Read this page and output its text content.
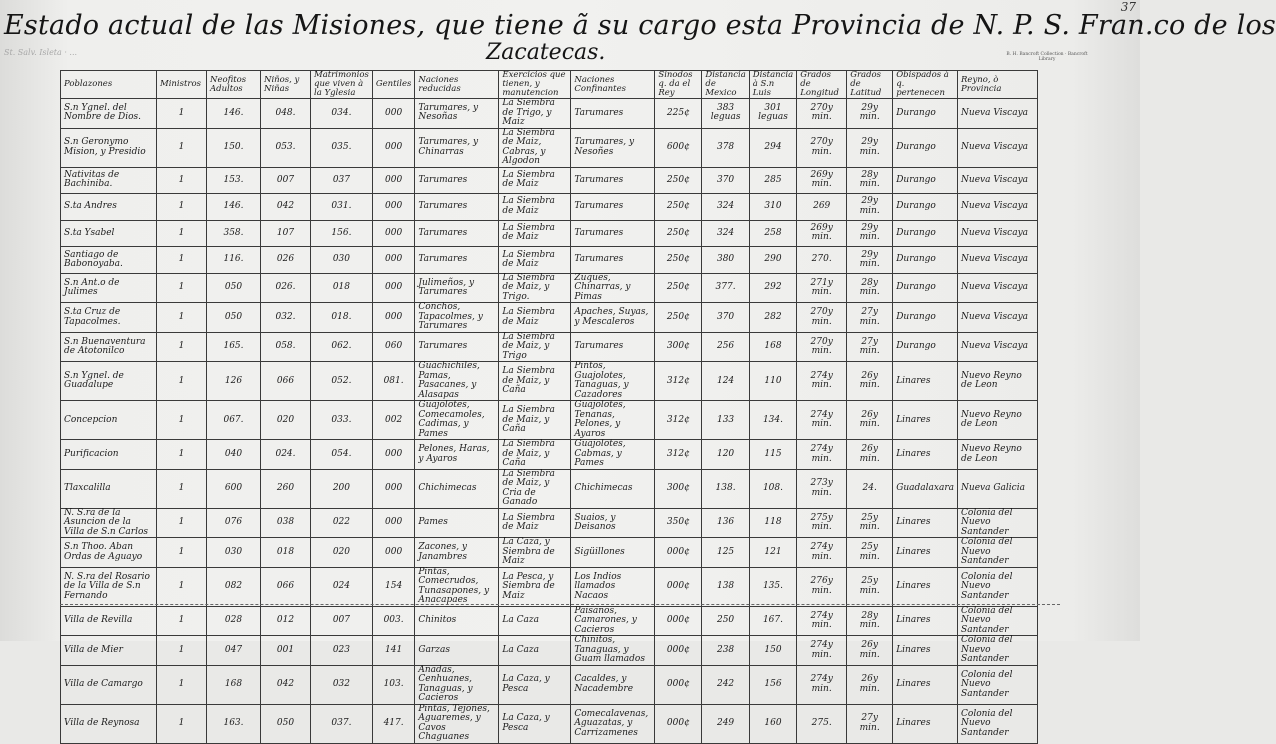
Estado actual de las Misiones, que tiene ã su cargo esta Provincia de N. P. S. Fran.co de los
Zacatecas.
37
B. H. Bancroft Collection · Bancroft Library
St. Salv. Isleta · ...
Poblazones	Ministros	Neofitos Adultos	Niños, y Niñas	Matrimonios que viven à la Yglesia	Gentiles	Naciones reducidas	Exercicios que tienen, y manutencion	Naciones Confinantes	Sinodos q. da el Rey	Distancia de Mexico	Distancia à S.n Luis	Grados de Longitud	Grados de Latitud	Obispados à q. pertenecen	Reyno, ò Provincia
S.n Ygnel. del Nombre de Dios.	1	146.	048.	034.	000	Tarumares, y Nesoñas	La Siembra de Trigo, y Maiz	Tarumares	225¢	383 leguas	301 leguas	270y min.	29y min.	Durango	Nueva Viscaya
S.n Geronymo Mision, y Presidio	1	150.	053.	035.	000	Tarumares, y Chinarras	La Siembra de Maiz, Cabras, y Algodon	Tarumares, y Nesoñes	600¢	378	294	270y min.	29y min.	Durango	Nueva Viscaya
Nativitas de Bachiniba.	1	153.	007	037	000	Tarumares	La Siembra de Maiz	Tarumares	250¢	370	285	269y min.	28y min.	Durango	Nueva Viscaya
S.ta Andres	1	146.	042	031.	000	Tarumares	La Siembra de Maiz	Tarumares	250¢	324	310	269	29y min.	Durango	Nueva Viscaya
S.ta Ysabel	1	358.	107	156.	000	Tarumares	La Siembra de Maiz	Tarumares	250¢	324	258	269y min.	29y min.	Durango	Nueva Viscaya
Santiago de Babonoyaba.	1	116.	026	030	000	Tarumares	La Siembra de Maiz	Tarumares	250¢	380	290	270.	29y min.	Durango	Nueva Viscaya
S.n Ant.o de Julimes	1	050	026.	018	000	Julimeños, y Tarumares	La Siembra de Maiz, y Trigo.	Zuques, Chinarras, y Pimas	250¢	377.	292	271y min.	28y min.	Durango	Nueva Viscaya
S.ta Cruz de Tapacolmes.	1	050	032.	018.	000	Conchos, Tapacolmes, y Tarumares	La Siembra de Maiz	Apaches, Suyas, y Mescaleros	250¢	370	282	270y min.	27y min.	Durango	Nueva Viscaya
S.n Buenaventura de Atotonilco	1	165.	058.	062.	060	Tarumares	La Siembra de Maiz, y Trigo	Tarumares	300¢	256	168	270y min.	27y min.	Durango	Nueva Viscaya
S.n Ygnel. de Guadalupe	1	126	066	052.	081.	Guachichiles, Pamas, Pasacanes, y Alasapas	La Siembra de Maiz, y Caña	Pintos, Guajolotes, Tanaguas, y Cazadores	312¢	124	110	274y min.	26y min.	Linares	Nuevo Reyno de Leon
Concepcion	1	067.	020	033.	002	Guajolotes, Comecamoles, Cadimas, y Pames	La Siembra de Maiz, y Caña	Guajolotes, Tenanas, Pelones, y Ayaros	312¢	133	134.	274y min.	26y min.	Linares	Nuevo Reyno de Leon
Purificacion	1	040	024.	054.	000	Pelones, Haras, y Ayaros	La Siembra de Maiz, y Caña	Guajolotes, Cabmas, y Pames	312¢	120	115	274y min.	26y min.	Linares	Nuevo Reyno de Leon
Tlaxcalilla	1	600	260	200	000	Chichimecas	La Siembra de Maiz, y Cria de Ganado	Chichimecas	300¢	138.	108.	273y min.	24.	Guadalaxara	Nueva Galicia
N. S.ra de la Asuncion de la Villa de S.n Carlos	1	076	038	022	000	Pames	La Siembra de Maiz	Suaios, y Deisanos	350¢	136	118	275y min.	25y min.	Linares	Colonia del Nuevo Santander
S.n Thoo. Aban Ordas de Aguayo	1	030	018	020	000	Zacones, y Janambres	La Caza, y Siembra de Maiz	Sigüillones	000¢	125	121	274y min.	25y min.	Linares	Colonia del Nuevo Santander
N. S.ra del Rosario de la Villa de S.n Fernando	1	082	066	024	154	Pintas, Comecrudos, Tunasapones, y Anacapaes	La Pesca, y Siembra de Maiz	Los Indios llamados Nacaos	000¢	138	135.	276y min.	25y min.	Linares	Colonia del Nuevo Santander
Villa de Revilla	1	028	012	007	003.	Chinitos	La Caza	Paisanos, Camarones, y Cacieros	000¢	250	167.	274y min.	28y min.	Linares	Colonia del Nuevo Santander
Villa de Mier	1	047	001	023	141	Garzas	La Caza	Chinitos, Tanaguas, y Guam llamados	000¢	238	150	274y min.	26y min.	Linares	Colonia del Nuevo Santander
Villa de Camargo	1	168	042	032	103.	Anadas, Cenhuanes, Tanaguas, y Cacieros	La Caza, y Pesca	Cacaldes, y Nacadembre	000¢	242	156	274y min.	26y min.	Linares	Colonia del Nuevo Santander
Villa de Reynosa	1	163.	050	037.	417.	Pintas, Tejones, Aguaremes, y Cavos Chaguanes	La Caza, y Pesca	Comecalavenas, Aguazatas, y Carrizamenes	000¢	249	160	275.	27y min.	Linares	Colonia del Nuevo Santander
